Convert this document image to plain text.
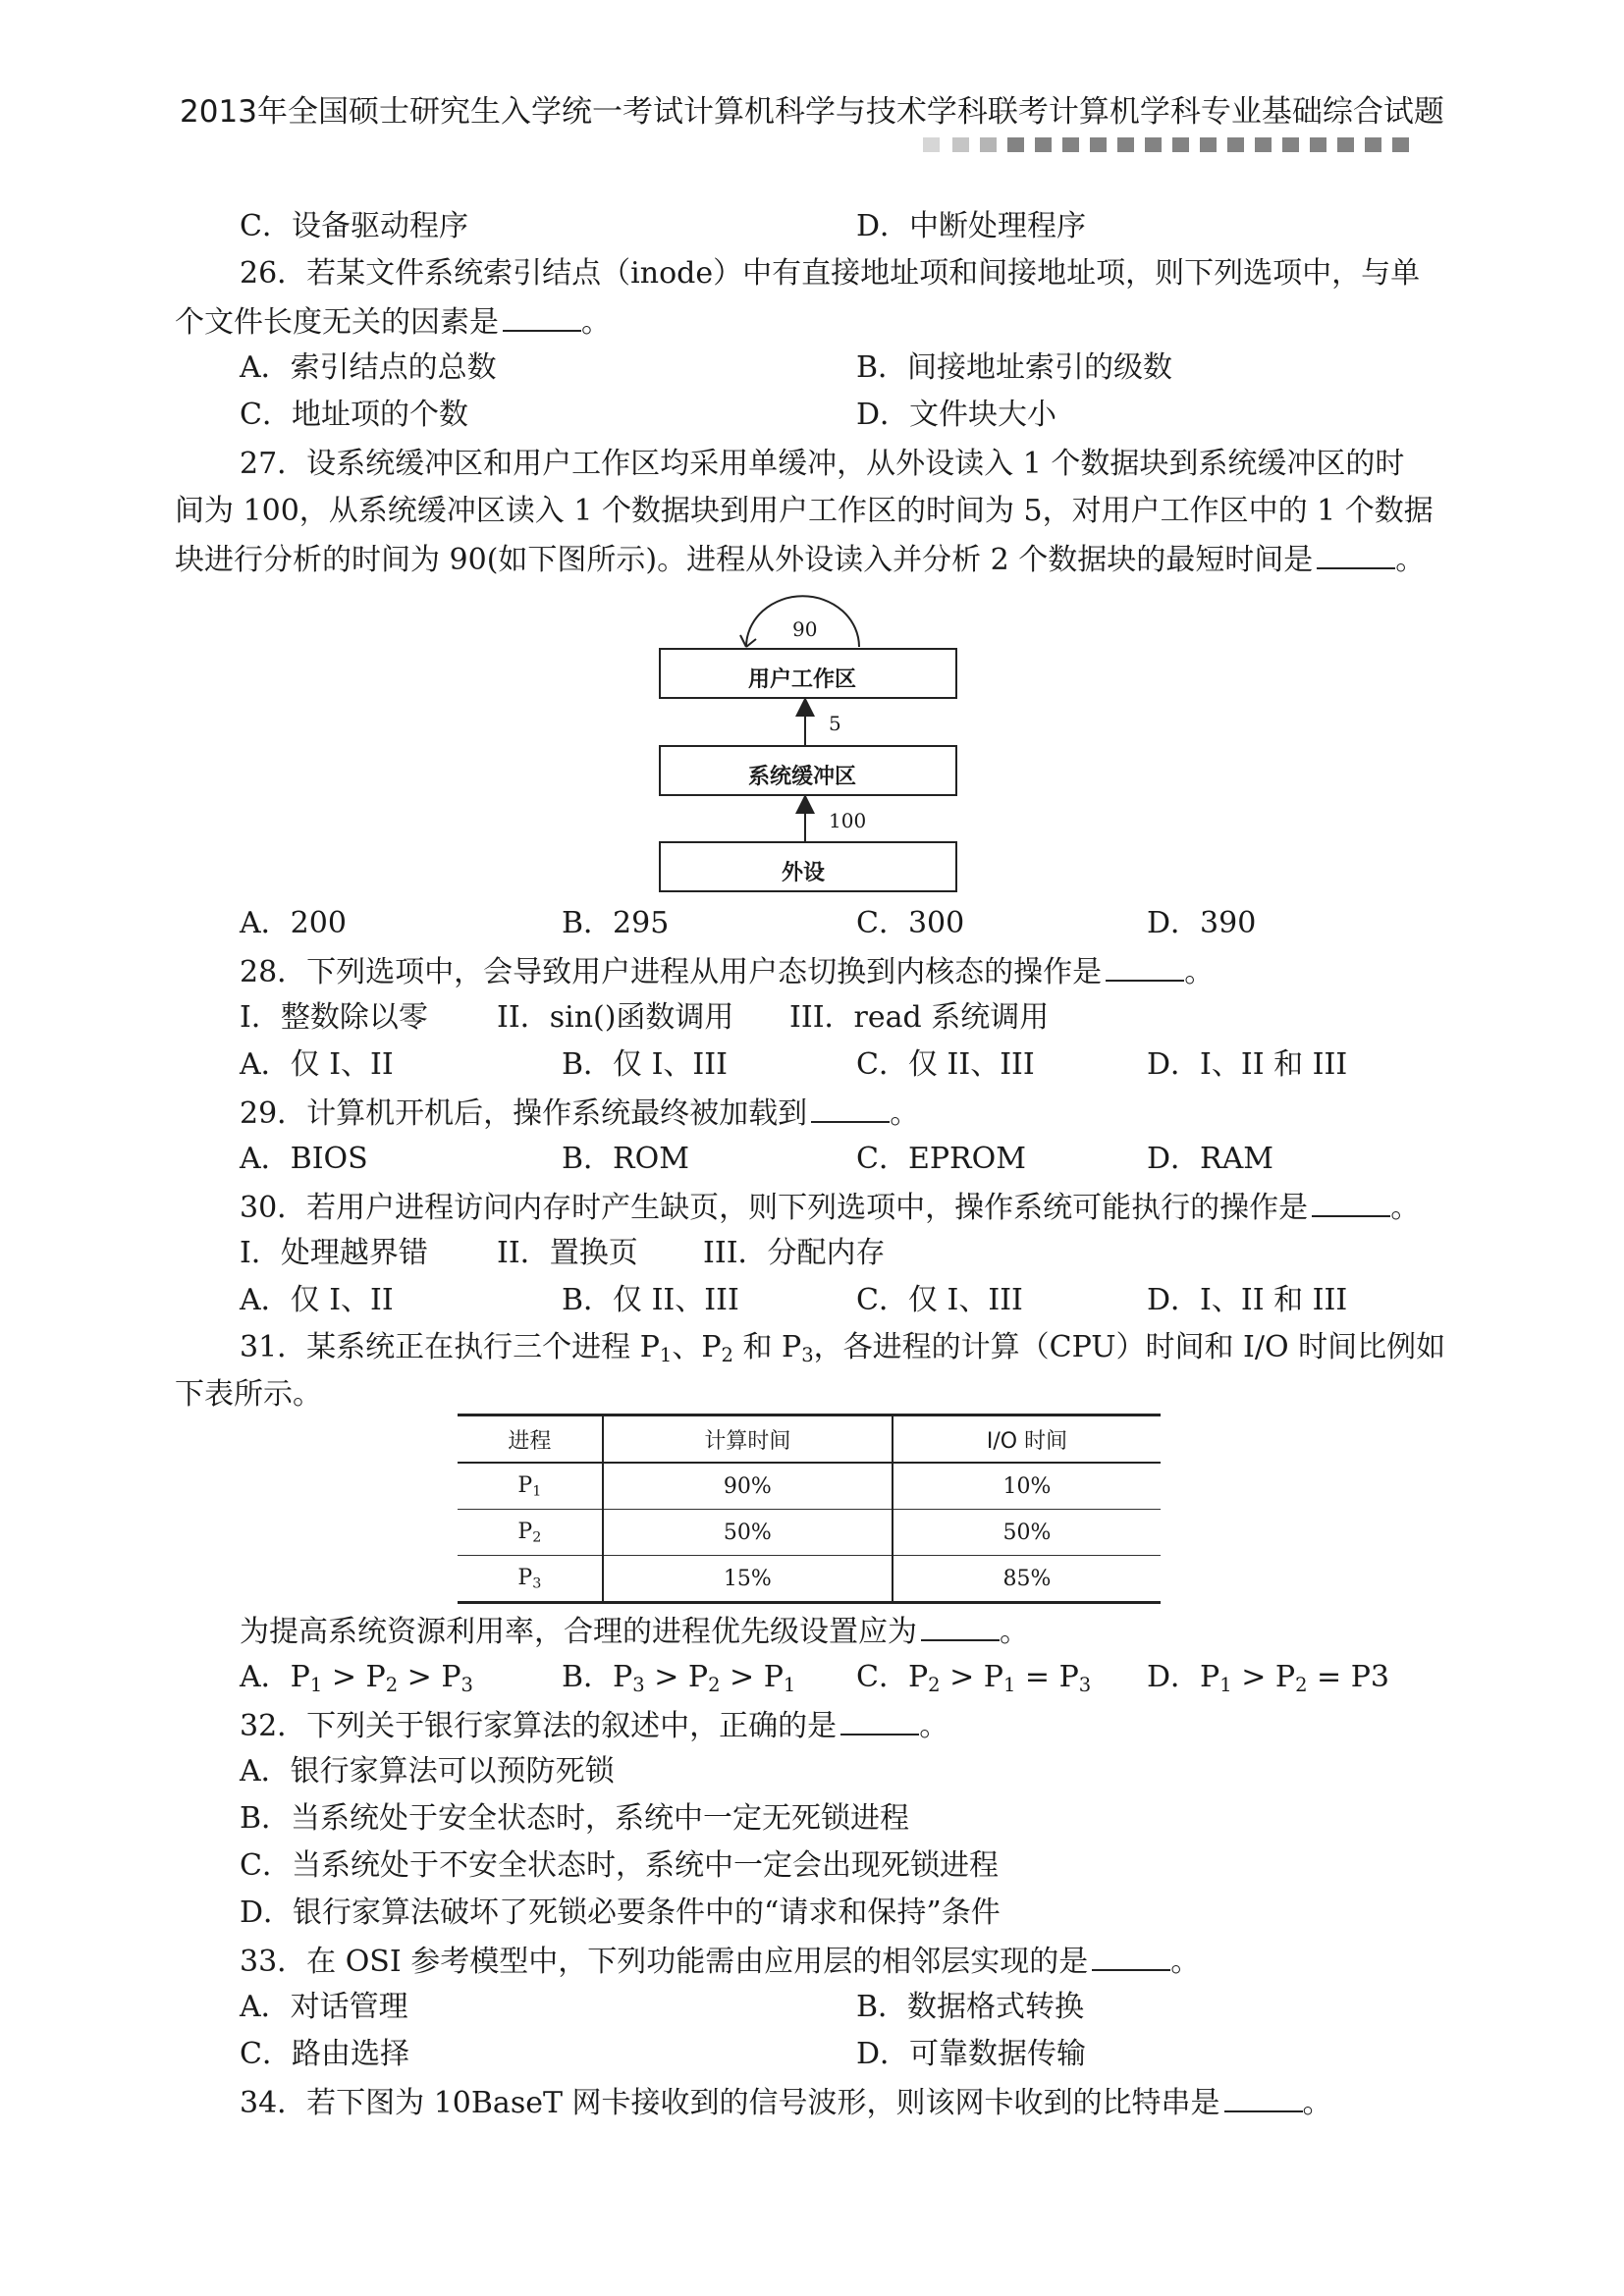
2013年全国硕士研究生入学统一考试计算机科学与技术学科联考计算机学科专业基础综合试题
C．设备驱动程序	D．中断处理程序
26．若某文件系统索引结点（inode）中有直接地址项和间接地址项，则下列选项中，与单
个文件长度无关的因素是	。
A．索引结点的总数	B．间接地址索引的级数
C．地址项的个数	D．文件块大小
27．设系统缓冲区和用户工作区均采用单缓冲，从外设读入 1 个数据块到系统缓冲区的时
间为 100，从系统缓冲区读入 1 个数据块到用户工作区的时间为 5，对用户工作区中的 1 个数据
块进行分析的时间为 90(如下图所示)。进程从外设读入并分析 2 个数据块的最短时间是	。
90
用户工作区
5
系统缓冲区
100
外设
A．200	B．295	C．300	D．390
28．下列选项中，会导致用户进程从用户态切换到内核态的操作是	。
I．整数除以零 II．sin()函数调用 III．read 系统调用
A．仅 I、II	B．仅 I、III	C．仅 II、III	D．I、II 和 III
29．计算机开机后，操作系统最终被加载到	。
A．BIOS	B．ROM	C．EPROM	D．RAM
30．若用户进程访问内存时产生缺页，则下列选项中，操作系统可能执行的操作是	。
I．处理越界错 II．置换页 III．分配内存
A．仅 I、II	B．仅 II、III	C．仅 I、III	D．I、II 和 III
31．某系统正在执行三个进程 $P_1$、$P_2$ 和 $P_3$，各进程的计算（CPU）时间和 I/O 时间比例如
下表所示。
进程	计算时间	I/O 时间
$P_1$	90%	10%
$P_2$	50%	50%
$P_3$	15%	85%
为提高系统资源利用率，合理的进程优先级设置应为	。
A．$P_1 > P_2 > P_3$	B．$P_3 > P_2 > P_1$ C．$P_2 > P_1 = P_3$ D．$P_1 > P_2 = P3$
32．下列关于银行家算法的叙述中，正确的是	。
A．银行家算法可以预防死锁
B．当系统处于安全状态时，系统中一定无死锁进程
C．当系统处于不安全状态时，系统中一定会出现死锁进程
D．银行家算法破坏了死锁必要条件中的“请求和保持”条件
33．在 OSI 参考模型中，下列功能需由应用层的相邻层实现的是	。
A．对话管理	B．数据格式转换
C．路由选择	D．可靠数据传输
34．若下图为 10BaseT 网卡接收到的信号波形，则该网卡收到的比特串是	。
